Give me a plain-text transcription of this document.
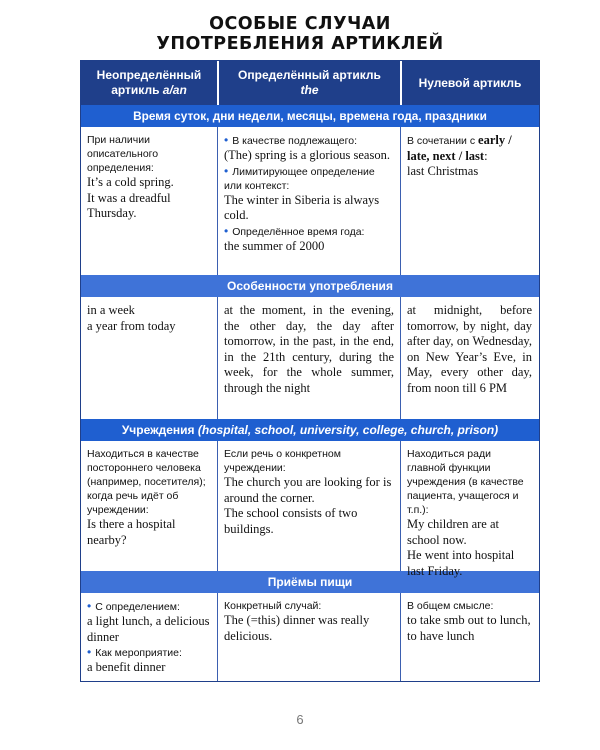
ОСОБЫЕ СЛУЧАИ
УПОТРЕБЛЕНИЯ АРТИКЛЕЙ
Неопределённый
артикль a/an
Определённый артикль
the
Нулевой артикль
Время суток, дни недели, месяцы, времена года, праздники
При наличии описательного определения:
It’s a cold spring.
It was a dreadful Thursday.
• В качестве подлежащего:
(The) spring is a glorious season.
• Лимитирующее определение или контекст:
The winter in Siberia is always cold.
• Определённое время года:
the summer of 2000
В сочетании с early / late, next / last:
last Christmas
Особенности употребления
in a week
a year from today
at the moment, in the evening, the other day, the day after tomorrow, in the past, in the end, in the 21th century, during the week, for the whole summer, through the night
at midnight, before tomorrow, by night, day after day, on Wednesday, on New Year’s Eve, in May, every other day, from noon till 6 PM
Учреждения (hospital, school, university, college, church, prison)
Находиться в качестве постороннего человека (например, посетителя); когда речь идёт об учреждении:
Is there a hospital nearby?
Если речь о конкретном учреждении:
The church you are looking for is around the corner.
The school consists of two buildings.
Находиться ради главной функции учреждения (в качестве пациента, учащегося и т.п.):
My children are at school now.
He went into hospital last Friday.
Приёмы пищи
• С определением:
a light lunch, a delicious dinner
• Как мероприятие:
a benefit dinner
Конкретный случай:
The (=this) dinner was really delicious.
В общем смысле:
to take smb out to lunch, to have lunch
6
